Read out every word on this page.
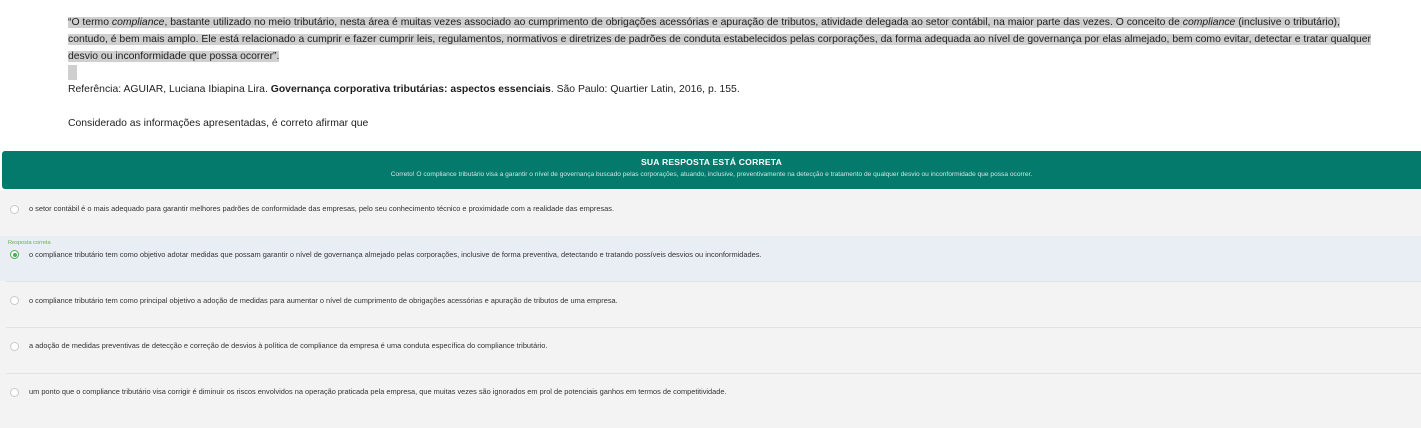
“O termo compliance, bastante utilizado no meio tributário, nesta área é muitas vezes associado ao cumprimento de obrigações acessórias e apuração de tributos, atividade delegada ao setor contábil, na maior parte das vezes. O conceito de compliance (inclusive o tributário), contudo, é bem mais amplo. Ele está relacionado a cumprir e fazer cumprir leis, regulamentos, normativos e diretrizes de padrões de conduta estabelecidos pelas corporações, da forma adequada ao nível de governança por elas almejado, bem como evitar, detectar e tratar qualquer desvio ou inconformidade que possa ocorrer”.

Referência: AGUIAR, Luciana Ibiapina Lira. Governança corporativa tributárias: aspectos essenciais. São Paulo: Quartier Latin, 2016, p. 155.
Considerado as informações apresentadas, é correto afirmar que
SUA RESPOSTA ESTÁ CORRETA
Correto! O compliance tributário visa a garantir o nível de governança buscado pelas corporações, atuando, inclusive, preventivamente na detecção e tratamento de qualquer desvio ou inconformidade que possa ocorrer.
o setor contábil é o mais adequado para garantir melhores padrões de conformidade das empresas, pelo seu conhecimento técnico e proximidade com a realidade das empresas.
Resposta correta
o compliance tributário tem como objetivo adotar medidas que possam garantir o nível de governança almejado pelas corporações, inclusive de forma preventiva, detectando e tratando possíveis desvios ou inconformidades.
o compliance tributário tem como principal objetivo a adoção de medidas para aumentar o nível de cumprimento de obrigações acessórias e apuração de tributos de uma empresa.
a adoção de medidas preventivas de detecção e correção de desvios à política de compliance da empresa é uma conduta específica do compliance tributário.
um ponto que o compliance tributário visa corrigir é diminuir os riscos envolvidos na operação praticada pela empresa, que muitas vezes são ignorados em prol de potenciais ganhos em termos de competitividade.
